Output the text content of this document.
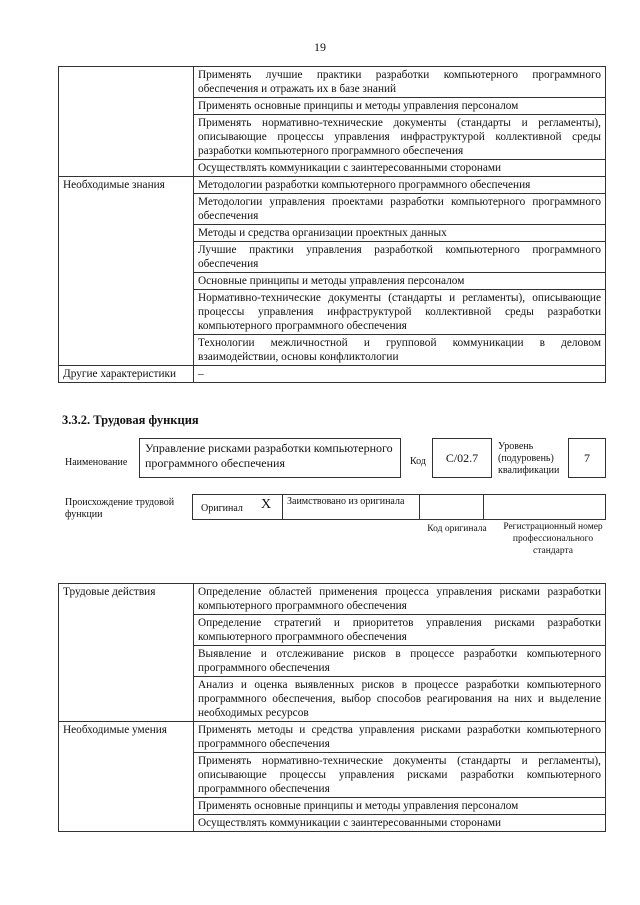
19
	Применять лучшие практики разработки компьютерного программного обеспечения и отражать их в базе знаний
	Применять основные принципы и методы управления персоналом
	Применять нормативно-технические документы (стандарты и регламенты), описывающие процессы управления инфраструктурой коллективной среды разработки компьютерного программного обеспечения
	Осуществлять коммуникации с заинтересованными сторонами
Необходимые знания	Методологии разработки компьютерного программного обеспечения
	Методологии управления проектами разработки компьютерного программного обеспечения
	Методы и средства организации проектных данных
	Лучшие практики управления разработкой компьютерного программного обеспечения
	Основные принципы и методы управления персоналом
	Нормативно-технические документы (стандарты и регламенты), описывающие процессы управления инфраструктурой коллективной среды разработки компьютерного программного обеспечения
	Технологии межличностной и групповой коммуникации в деловом взаимодействии, основы конфликтологии
Другие характеристики	–
3.3.2. Трудовая функция
Наименование
Управление рисками разработки компьютерного программного обеспечения	Код	C/02.7
Уровень (подуровень) квалификации
7
Происхождение трудовой функции
Оригинал X Заимствовано из оригинала
Код оригинала	Регистрационный номер профессионального стандарта
Трудовые действия	Определение областей применения процесса управления рисками разработки компьютерного программного обеспечения
	Определение стратегий и приоритетов управления рисками разработки компьютерного программного обеспечения
	Выявление и отслеживание рисков в процессе разработки компьютерного программного обеспечения
	Анализ и оценка выявленных рисков в процессе разработки компьютерного программного обеспечения, выбор способов реагирования на них и выделение необходимых ресурсов
Необходимые умения	Применять методы и средства управления рисками разработки компьютерного программного обеспечения
	Применять нормативно-технические документы (стандарты и регламенты), описывающие процессы управления рисками разработки компьютерного программного обеспечения
	Применять основные принципы и методы управления персоналом
	Осуществлять коммуникации с заинтересованными сторонами
